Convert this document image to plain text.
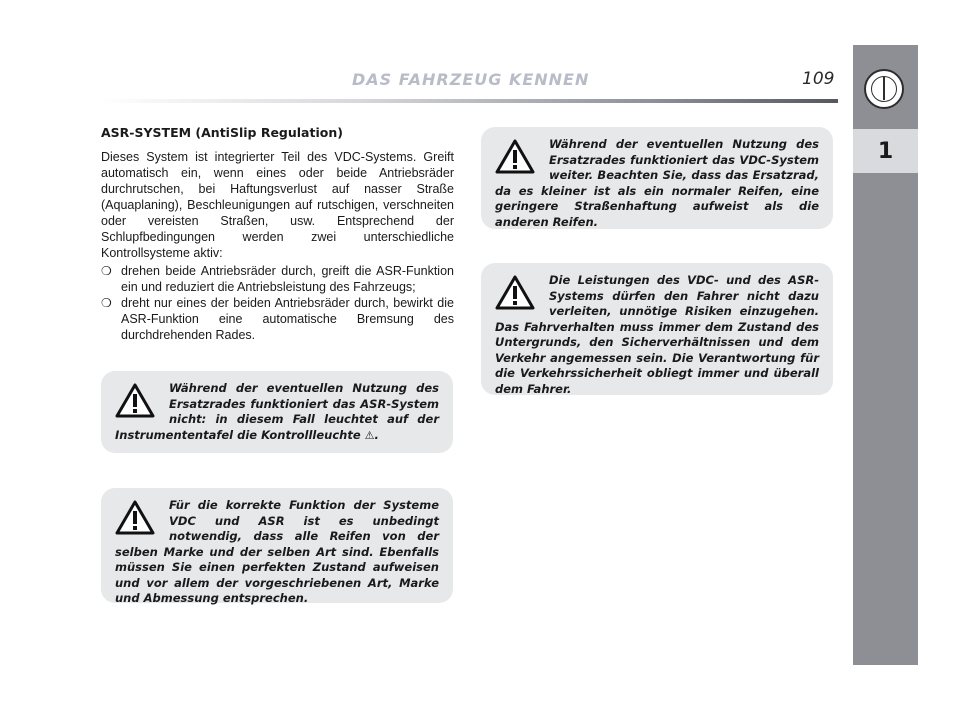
DAS FAHRZEUG KENNEN	109
1
ASR-SYSTEM (AntiSlip Regulation)

Dieses System ist integrierter Teil des VDC-Systems. Greift automatisch ein, wenn eines oder beide Antriebsräder durchrutschen, bei Haftungsverlust auf nasser Straße (Aquaplaning), Beschleunigungen auf rutschigen, verschneiten oder vereisten Straßen, usw. Entsprechend der Schlupfbedingungen werden zwei unterschiedliche Kontrollsysteme aktiv:

❍ drehen beide Antriebsräder durch, greift die ASR-Funktion ein und reduziert die Antriebsleistung des Fahrzeugs;
❍ dreht nur eines der beiden Antriebsräder durch, bewirkt die ASR-Funktion eine automatische Bremsung des durchdrehenden Rades.
Während der eventuellen Nutzung des Ersatzrades funktioniert das ASR-System nicht: in diesem Fall leuchtet auf der Instrumententafel die Kontrollleuchte ⚠.
Für die korrekte Funktion der Systeme VDC und ASR ist es unbedingt notwendig, dass alle Reifen von der selben Marke und der selben Art sind. Ebenfalls müssen Sie einen perfekten Zustand aufweisen und vor allem der vorgeschriebenen Art, Marke und Abmessung entsprechen.
Während der eventuellen Nutzung des Ersatzrades funktioniert das VDC-System weiter. Beachten Sie, dass das Ersatzrad, da es kleiner ist als ein normaler Reifen, eine geringere Straßenhaftung aufweist als die anderen Reifen.
Die Leistungen des VDC- und des ASR-Systems dürfen den Fahrer nicht dazu verleiten, unnötige Risiken einzugehen. Das Fahrverhalten muss immer dem Zustand des Untergrunds, den Sicherverhältnissen und dem Verkehr angemessen sein. Die Verantwortung für die Verkehrssicherheit obliegt immer und überall dem Fahrer.
